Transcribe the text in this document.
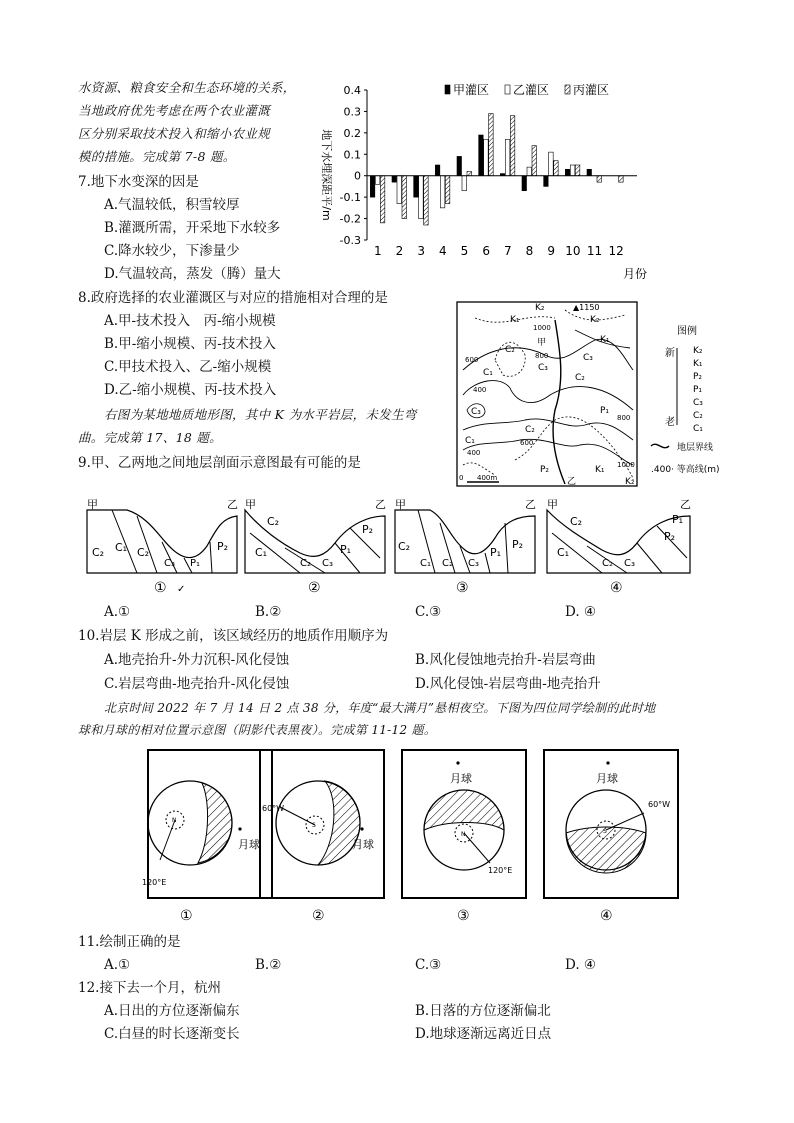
水资源、粮食安全和生态环境的关系，
当地政府优先考虑在两个农业灌溉
区分别采取技术投入和缩小农业规
模的措施。完成第 7-8 题。
7.地下水变深的因是
A.气温较低，积雪较厚
B.灌溉所需，开采地下水较多
C.降水较少，下渗量少
D.气温较高，蒸发（腾）量大
地下水埋深距平/m
0.4
0.3
0.2
0.1
0
-0.1
-0.2
-0.3
1 2 3 4 5 6 7 8 9 10 11 12
月份
甲灌区 乙灌区 丙灌区
8.政府选择的农业灌溉区与对应的措施相对合理的是
A.甲-技术投入　丙-缩小规模
B.甲-缩小规模、丙-技术投入
C.甲技术投入、乙-缩小规模
D.乙-缩小规模、丙-技术投入
K₂
K₁	K₂
K₁
1000
甲
800
C₂
C₃
C₂
C₁
600
400
C₃
C₃
P₁
800
C₂
600
400
C₁
P₂	K₁ 1000
K₂
乙
0
▲1150
400m
图例
新
老
K₂
K₁
P₂
P₁
C₃
C₂
C₁
地层界线
.400· 等高线(m)
右图为某地地质地形图，其中 K 为水平岩层，未发生弯
曲。完成第 17、18 题。
9.甲、乙两地之间地层剖面示意图最有可能的是
甲	乙
C₂ C₁ C₂
C₃ P₁
P₂
① ✓
甲	乙
C₂
C₁
C₂ C₃
P₁
P₂
②
甲	乙
C₂
C₁ C₂ C₃
P₁
P₂
③
甲	乙
C₂
C₁
C₂ C₃
P₂
P₁
④
A.①	B.②	C.③	D. ④
10.岩层 K 形成之前，该区域经历的地质作用顺序为
A.地壳抬升-外力沉积-风化侵蚀	B.风化侵蚀地壳抬升-岩层弯曲
C.岩层弯曲-地壳抬升-风化侵蚀	D.风化侵蚀-岩层弯曲-地壳抬升
北京时间 2022 年 7 月 14 日 2 点 38 分，年度“最大满月”悬相夜空。下图为四位同学绘制的此时地
球和月球的相对位置示意图（阴影代表黑夜）。完成第 11-12 题。
N
月球
120°E
①
S
60°W
月球
②
N
月球
120°E
③
S
月球
60°W
④
11.绘制正确的是
A.①	B.②	C.③	D. ④
12.接下去一个月，杭州
A.日出的方位逐渐偏东	B.日落的方位逐渐偏北
C.白昼的时长逐渐变长	D.地球逐渐远离近日点
